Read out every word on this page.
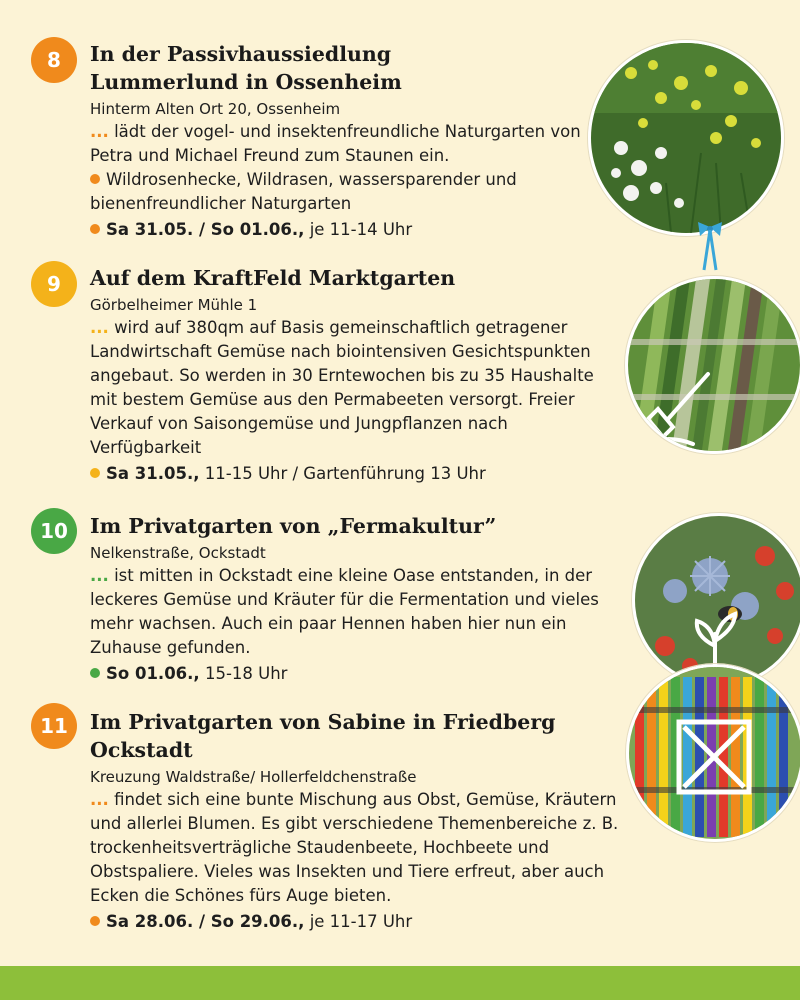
8	In der Passivhaussiedlung Lummerlund in Ossenheim
Hinterm Alten Ort 20, Ossenheim
... lädt der vogel- und insektenfreundliche Naturgarten von Petra und Michael Freund zum Staunen ein.
Wildrosenhecke, Wildrasen, wassersparender und bienenfreundlicher Naturgarten
Sa 31.05. / So 01.06., je 11-14 Uhr
9	Auf dem KraftFeld Marktgarten
Görbelheimer Mühle 1
... wird auf 380qm auf Basis gemeinschaftlich getragener Landwirtschaft Gemüse nach biointensiven Gesichtspunkten angebaut. So werden in 30 Erntewochen bis zu 35 Haushalte mit bestem Gemüse aus den Permabeeten versorgt. Freier Verkauf von Saisongemüse und Jungpflanzen nach Verfügbarkeit
Sa 31.05., 11-15 Uhr / Gartenführung 13 Uhr
10	Im Privatgarten von „Fermakultur”
Nelkenstraße, Ockstadt
... ist mitten in Ockstadt eine kleine Oase entstanden, in der leckeres Gemüse und Kräuter für die Fermentation und vieles mehr wachsen. Auch ein paar Hennen haben hier nun ein Zuhause gefunden.
So 01.06., 15-18 Uhr
11	Im Privatgarten von Sabine in Friedberg Ockstadt
Kreuzung Waldstraße/ Hollerfeldchenstraße
... findet sich eine bunte Mischung aus Obst, Gemüse, Kräutern und allerlei Blumen. Es gibt verschiedene Themenbereiche z. B. trockenheitsverträgliche Staudenbeete, Hochbeete und Obstspaliere. Vieles was Insekten und Tiere erfreut, aber auch Ecken die Schönes fürs Auge bieten.
Sa 28.06. / So 29.06., je 11-17 Uhr
